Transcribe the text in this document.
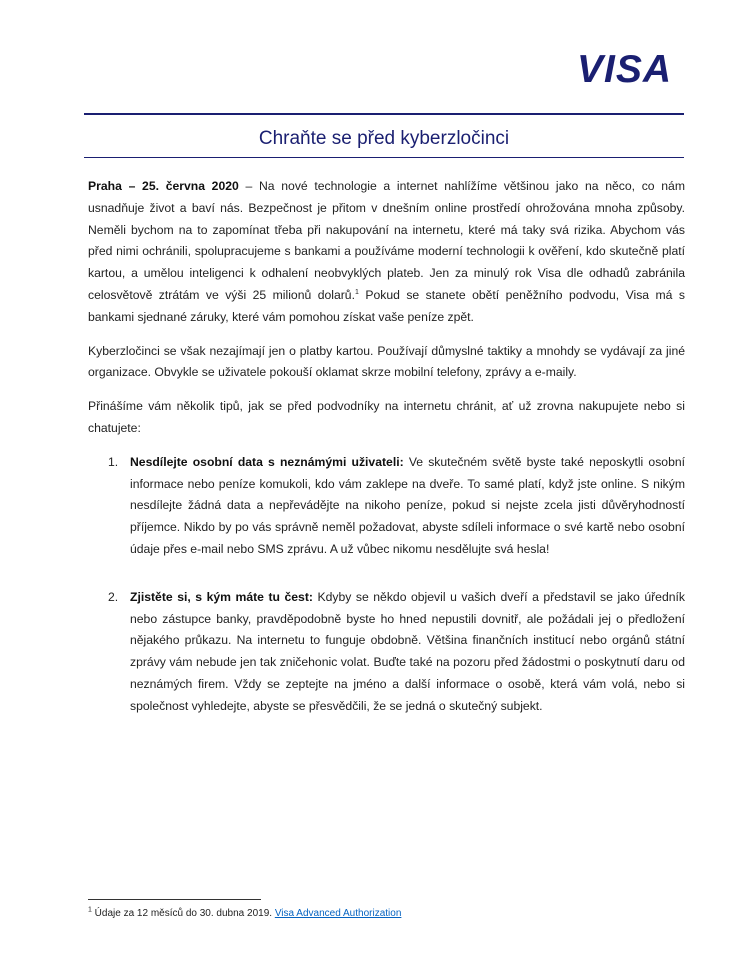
VISA
Chraňte se před kyberzločinci

Praha – 25. června 2020 – Na nové technologie a internet nahlížíme většinou jako na něco, co nám usnadňuje život a baví nás. Bezpečnost je přitom v dnešním online prostředí ohrožována mnoha způsoby. Neměli bychom na to zapomínat třeba při nakupování na internetu, které má taky svá rizika. Abychom vás před nimi ochránili, spolupracujeme s bankami a používáme moderní technologii k ověření, kdo skutečně platí kartou, a umělou inteligenci k odhalení neobvyklých plateb. Jen za minulý rok Visa dle odhadů zabránila celosvětově ztrátám ve výši 25 milionů dolarů.$^1$ Pokud se stanete obětí peněžního podvodu, Visa má s bankami sjednané záruky, které vám pomohou získat vaše peníze zpět.

Kyberzločinci se však nezajímají jen o platby kartou. Používají důmyslné taktiky a mnohdy se vydávají za jiné organizace. Obvykle se uživatele pokouší oklamat skrze mobilní telefony, zprávy a e-maily.

Přinášíme vám několik tipů, jak se před podvodníky na internetu chránit, ať už zrovna nakupujete nebo si chatujete:

1. Nesdílejte osobní data s neznámými uživateli: Ve skutečném světě byste také neposkytli osobní informace nebo peníze komukoli, kdo vám zaklepe na dveře. To samé platí, když jste online. S nikým nesdílejte žádná data a nepřevádějte na nikoho peníze, pokud si nejste zcela jisti důvěryhodností příjemce. Nikdo by po vás správně neměl požadovat, abyste sdíleli informace o své kartě nebo osobní údaje přes e-mail nebo SMS zprávu. A už vůbec nikomu nesdělujte svá hesla!
2. Zjistěte si, s kým máte tu čest: Kdyby se někdo objevil u vašich dveří a představil se jako úředník nebo zástupce banky, pravděpodobně byste ho hned nepustili dovnitř, ale požádali jej o předložení nějakého průkazu. Na internetu to funguje obdobně. Většina finančních institucí nebo orgánů státní zprávy vám nebude jen tak zničehonic volat. Buďte také na pozoru před žádostmi o poskytnutí daru od neznámých firem. Vždy se zeptejte na jméno a další informace o osobě, která vám volá, nebo si společnost vyhledejte, abyste se přesvědčili, že se jedná o skutečný subjekt.
$^1$ Údaje za 12 měsíců do 30. dubna 2019. Visa Advanced Authorization
